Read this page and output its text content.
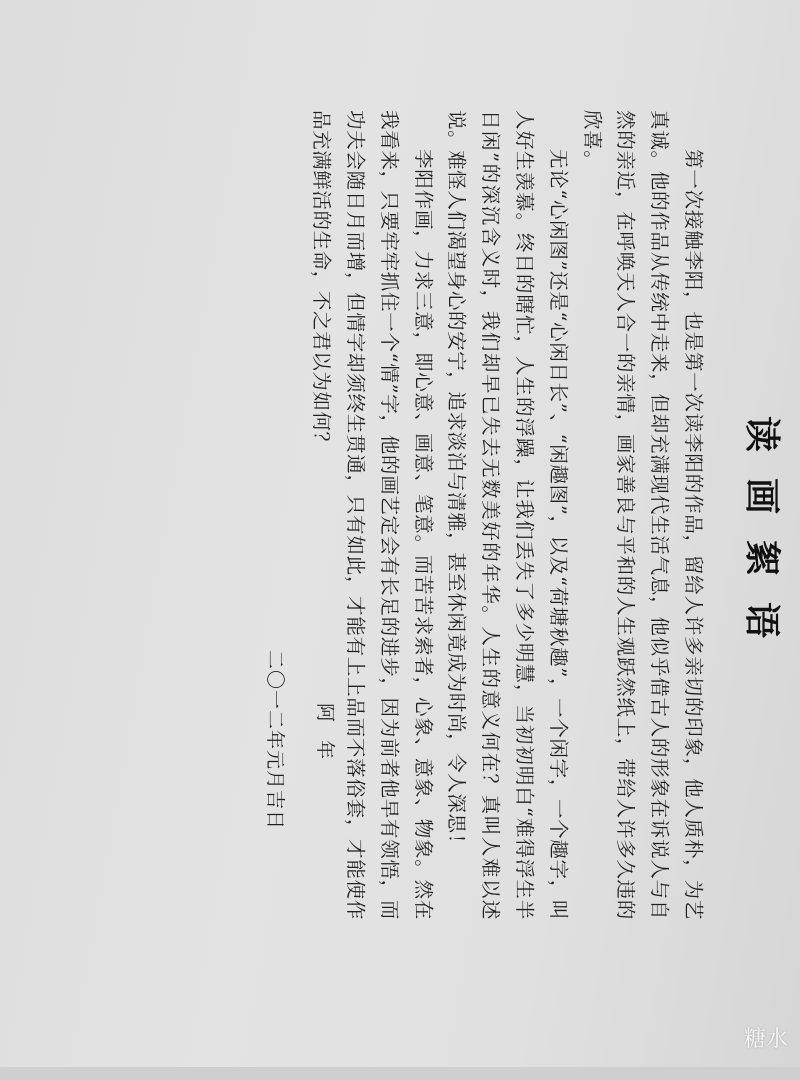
读画絮语

第一次接触李阳，也是第一次读李阳的作品，留给人许多亲切的印象，他人质朴，为艺真诚。他的作品从传统中走来，但却充满现代生活气息，他似乎借古人的形象在诉说人与自然的亲近，在呼唤天人合一的亲情，画家善良与平和的人生观跃然纸上，带给人许多久违的欣喜。

无论“心闲图”还是“心闲日长”、“闲趣图”，以及“荷塘秋趣”，一个闲字，一个趣字，叫人好生羡慕。终日的瞎忙，人生的浮躁，让我们丢失了多少明慧，当初初明白“难得浮生半日闲”的深沉含义时，我们却早已失去无数美好的年华。人生的意义何在？真叫人难以述说。难怪人们渴望身心的安宁，追求淡泊与清雅，甚至休闲竟成为时尚，令人深思！

李阳作画，力求三意，即心意、画意、笔意。而苦苦求索者，心象、意象、物象。然在我看来，只要牢牢抓住一个“情”字，他的画艺定会有长足的进步，因为前者他早有领悟，而功夫会随日月而增，但情字却须终生贯通，只有如此，才能有上上品而不落俗套，才能使作品充满鲜活的生命，不之君以为如何？

阿年
二〇一二年元月吉日
糖水
